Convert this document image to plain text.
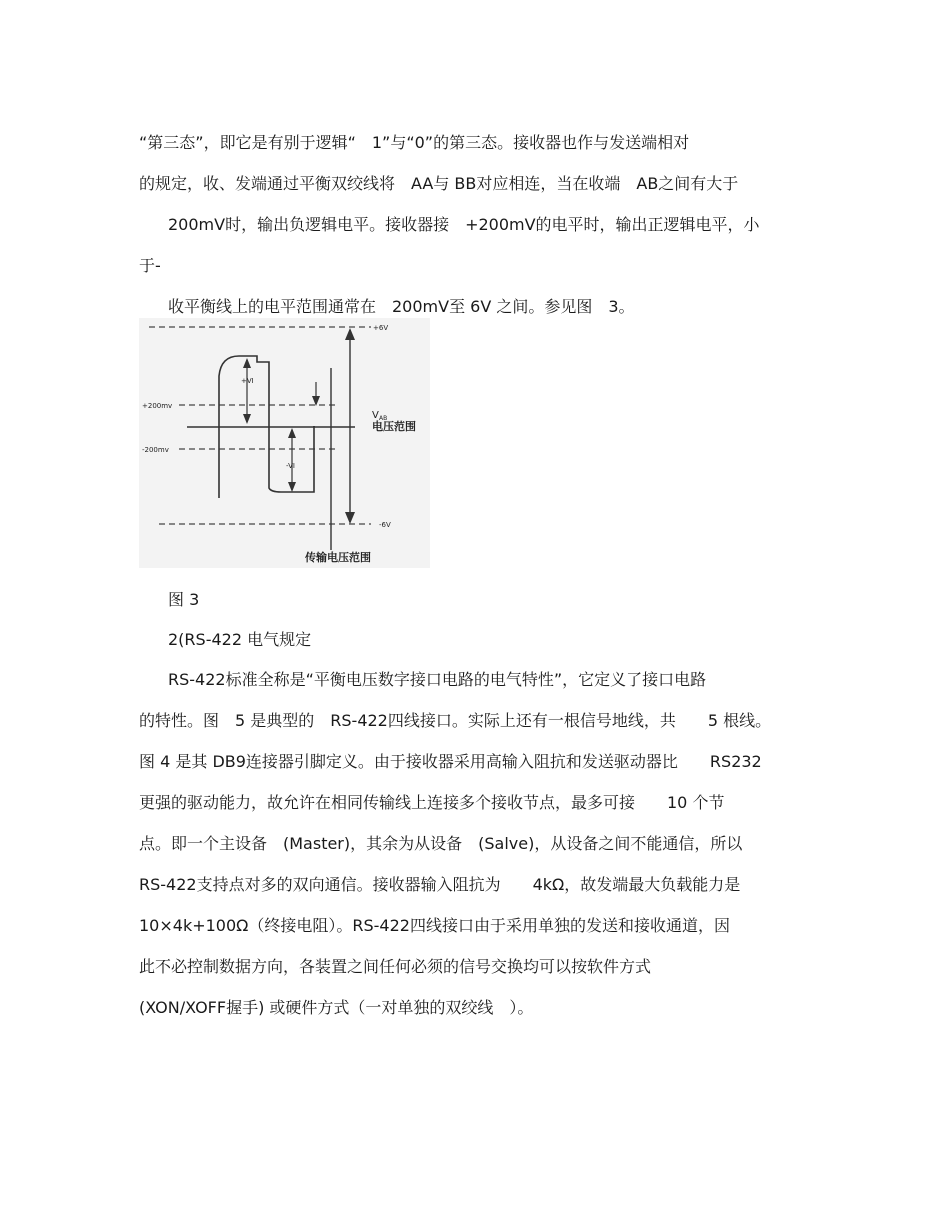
“第三态”，即它是有别于逻辑“　1”与“0”的第三态。接收器也作与发送端相对
的规定，收、发端通过平衡双绞线将　AA与 BB对应相连，当在收端　AB之间有大于
200mV时，输出负逻辑电平。接收器接　+200mV的电平时，输出正逻辑电平，小
于-
收平衡线上的电平范围通常在　200mV至 6V 之间。参见图　3。
+6V
-6V
+200mv
-200mv
+VI
-VI
V AB
电压范围
传输电压范围
图 3
2(RS-422 电气规定
RS-422标准全称是“平衡电压数字接口电路的电气特性”，它定义了接口电路
的特性。图　5 是典型的　RS-422四线接口。实际上还有一根信号地线，共　　5 根线。
图 4 是其 DB9连接器引脚定义。由于接收器采用高输入阻抗和发送驱动器比　　RS232
更强的驱动能力，故允许在相同传输线上连接多个接收节点，最多可接　　10 个节
点。即一个主设备　(Master)，其余为从设备　(Salve)，从设备之间不能通信，所以
RS-422支持点对多的双向通信。接收器输入阻抗为　　4kΩ，故发端最大负载能力是
10×4k+100Ω（终接电阻）。RS-422四线接口由于采用单独的发送和接收通道，因
此不必控制数据方向，各装置之间任何必须的信号交换均可以按软件方式
(XON/XOFF握手) 或硬件方式（一对单独的双绞线　）。
